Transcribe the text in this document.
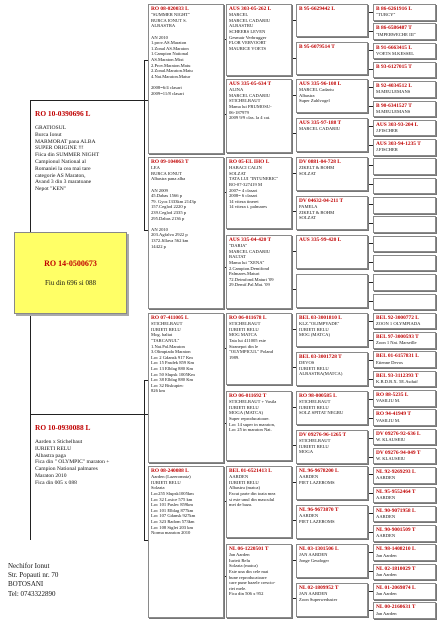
RO 10-0390696 L

GRATIOSUL
Burca Ionut
MARMORAT pana ALBA
SUPER ORIGINE !!!
Fiica din SUMMER NIGHT
Campionul National al
Romaniei la cea mai tare
categorie AS Maraton,
Avand 3 din 3 maratoane
Nepot "KEN"

RO 14-0500673
Fiu din 696 si 088

RO 10-0930088 L

Aarden x Stichelbaut
IURIETI RELU
Albastra paga
Fica din " OLYMPIC" maraton +
Campion National palmares
Maraton 2010
Fica din 005 x 088

RO 08-020033 L
"SUMMER NIGHT"
BURCA IONUT S.
ALBASTRA

AN 2010
1.prov.AS.Maraton
1.Zonal AS.Maraton
1.Campion National
AS.Maraton.Mixt
2.Prov.Maraton.Matu
2.Zonal.Maraton.Matu
4.Nat.Maraton.Matur

2008=6/4 clasari
2009=11/8 clasari
RO 09-104063 T
LEA
BURCA IONUT
Albastra pana alba

AN 2009
45.Dabas 1566 p
79. Gyor.1333km 2143p
157.Ceglod 2220 p
239.Ceglod 2335 p
295.Dabas 2136 p

AN 2010
203.Agfalva 2922 p
1372.Jillava 562 km
14422 p
RO 07-411005 L
STICHELBAUT
IURIETI RELU
Mog. baltat
"TARCANUL"
1.Nat.Pal.Maraton
3.Olimpiada Maraton
Loc 2 Gdansk 917 Km
Loc 15 Pasdek 859 Km
Loc 13 Elblag 880 Km
Loc 50 Slupsk 1005Km
Loc 38 Elblag 880 Km
Loc 32 Biskupiec
826 km
RO 08-240088 L
Aarden (Lazeromniz)
IURIETI RELU
Solzata
Loc255 Slupsk1005km
Loc 32 Losice 575 km
Loc 101 Paslec 859km
Loc 101 Elblag 877km
Loc 107 Gdansk 927km
Loc 323 Radom 573km
Loc 108 Siglet 203 km
Norma maraton 2010
AUS 303-05-262 L
MARCEL
MARCEL CADARIU
ALBASTRU
SCHEERS LEVEN
Gesmair Verbrugger
FLOR VERVOORT
MAURICE VOETS
AUS 335-05-634 T
ALINA
MARCEL CADARIU
STICHELBAUT
Mama lui FRUMOSU-
06-187979
2009 9/9 clas. la 4 cat.
RO 05-EL IHO L
HABACI CALIN
SOLZAT
TATA LUI "INTUNERIC"
RO-07-327419 M
2007= 4 clasari
2008= 6 clasari
14 viteza tineret
14 viteza t. palmares
AUS 335-04-420 T
"DARIA"
MARCEL CADARIU
BALTAT
Mama lui "XENA"
2.Campion.Demifond
Palmares.Maturi
72.Deimfond.Maturi '09
29.Demif.Pal.Mat. '09
RO 06-011678 L
STICHELBAUT
IURIETI RELU
MOG MATCA
Tata lui 411005 este
Stranepot din le
"OLYMPICUL" Poland
1989.
RO 06-011692 T
STICHELBAUT + Vasila
IURIETI RELU
MOGA (MATCA)
Super reproducatoare.
Loc 14 super in maraton,
Loc 25 in maraton Nat.
BEL 01-6521413 L
AARDEN
IURIETI RELU
Albastru (matca)
Facut parte din toata mea
si este unul din masculul
mei de baza.
NL 06-1220501 T
Jan Aarden
Iurieti Relu
Solzata (matca)
Este una din cele mai
bune reproducatoare
care pune bazele crescto-
riei mele.
Fica din 506 x 952
B 95-6629442 L
B 95-6079514 T
AUS 335-96-108 L
MARCEL Cadariu
Albastra
Super Zuhlvogel
AUS 335-97-188 T
MARCEL CADARIU
DV 0881-04-728 L
ZIKELT & BOHM
SOLZAT
DV 04632-04-211 T
PAMELA
ZIKELT & BOHM
SOLZAT
AUS 335-99-420 L
BEL 03-3001810 L
KLZ."OLIMPYADE"
IURIETI RELU
MOG (MATCA)
BEL 03-3001728 T
DEVOS
IURIETI RELU
ALBASTRA(MATCA)
RO 98-000585 L
STICHELBAUT
IURIETI RELU
SOLZ SPITAT NEGRU
DV 09276-96-1265 T
STICHELBAUT
IURIETI RELU
MOGA
NL 96-9678200 L
AARDEN
PIET LAZEROMS
NL 96-9673870 T
AARDEN
PIET LAZEROMS
NL 03-1301506 L
JAN AARDEN
Jonge Geudoger
NL 02-1809952 T
JAN AARDEN
Zoon Superweduster
B 86-6261916 L
"TURCY"
B 86-6586487 T
"IMPERWECHE III"
B 91-6663415 L
VOETS M.KESSEL
B 93-6127015 T
B 92-4034512 L
M.MEULEMANS
B 90-6341527 T
M.MEULEMANS
AUS 303-93-204 L
J.FISCHER
AUS 303-94-1235 T
J.FISCHER
BEL 92-3000772 L
ZOON 1 OLYMPIADA
BEL 97-3000593 T
Zoon 1 Nat. Marseille
BEL 01-6157831 L
Etienne Devos
BEL 93-3112393 T
K.B.D.B.X. 5E.Asduif
RO 88-5235 L
VASILIU M.
RO 94-41949 T
VASILIU M.
DV 09276-92-636 L
W. KLAUSEIU
DV 09276-94-049 T
W. KLAUSEIU
NL 92-9269293 L
AARDEN
NL 95-9552464 T
AARDEN
NL 90-9071958 L
AARDEN
NL 90-9001509 T
AARDEN
NL 98-1408210 L
Jan Aarden
NL 02-1810029 T
Jan Aarden
NL 01-2069874 L
Jan Aarden
NL 00-2160631 T
Jan Aarden
Nechifor Ionut
Str. Popauti nr. 70
BOTOSANI
Tel: 0743322890
